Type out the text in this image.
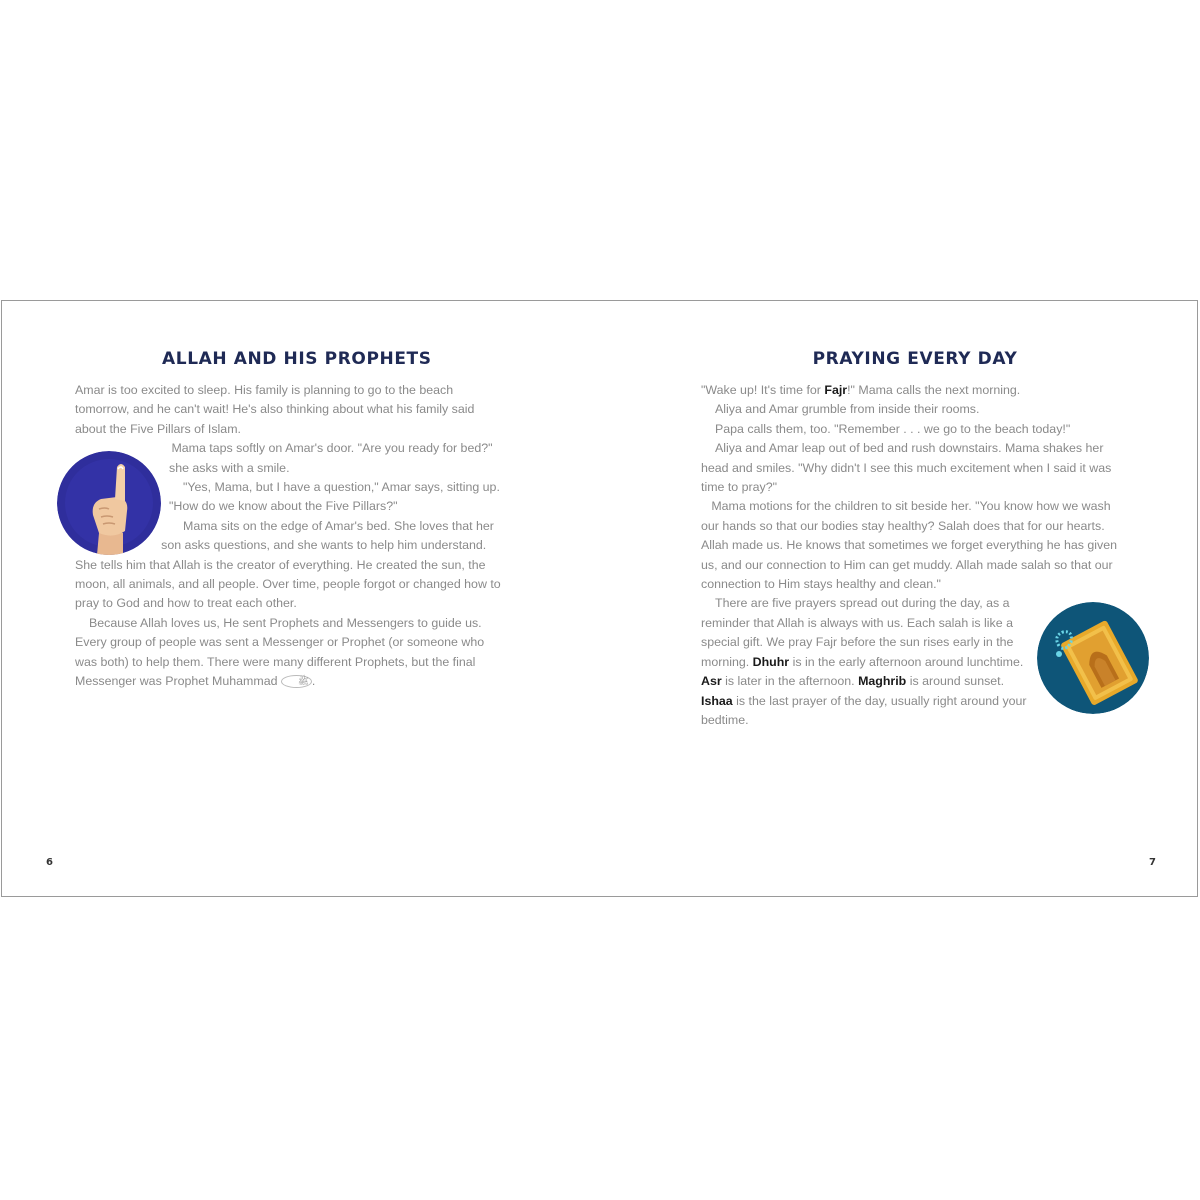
ALLAH AND HIS PROPHETS

Amar is too excited to sleep. His family is planning to go to the beach tomorrow, and he can't wait! He's also thinking about what his family said about the Five Pillars of Islam.

Mama taps softly on Amar's door. "Are you ready for bed?" she asks with a smile.

"Yes, Mama, but I have a question," Amar says, sitting up. "How do we know about the Five Pillars?"

Mama sits on the edge of Amar's bed. She loves that her son asks questions, and she wants to help him understand. She tells him that Allah is the creator of everything. He created the sun, the moon, all animals, and all people. Over time, people forgot or changed how to pray to God and how to treat each other.

Because Allah loves us, He sent Prophets and Messengers to guide us. Every group of people was sent a Messenger or Prophet (or someone who was both) to help them. There were many different Prophets, but the final Messenger was Prophet Muhammad ﷺ .

6
PRAYING EVERY DAY

"Wake up! It's time for Fajr!" Mama calls the next morning.

Aliya and Amar grumble from inside their rooms.

Papa calls them, too. "Remember . . . we go to the beach today!"

Aliya and Amar leap out of bed and rush downstairs. Mama shakes her head and smiles. "Why didn't I see this much excitement when I said it was time to pray?"

Mama motions for the children to sit beside her. "You know how we wash our hands so that our bodies stay healthy? Salah does that for our hearts. Allah made us. He knows that sometimes we forget everything he has given us, and our connection to Him can get muddy. Allah made salah so that our connection to Him stays healthy and clean."

There are five prayers spread out during the day, as a reminder that Allah is always with us. Each salah is like a special gift. We pray Fajr before the sun rises early in the morning. Dhuhr is in the early afternoon around lunchtime. Asr is later in the afternoon. Maghrib is around sunset. Ishaa is the last prayer of the day, usually right around your bedtime.

7
